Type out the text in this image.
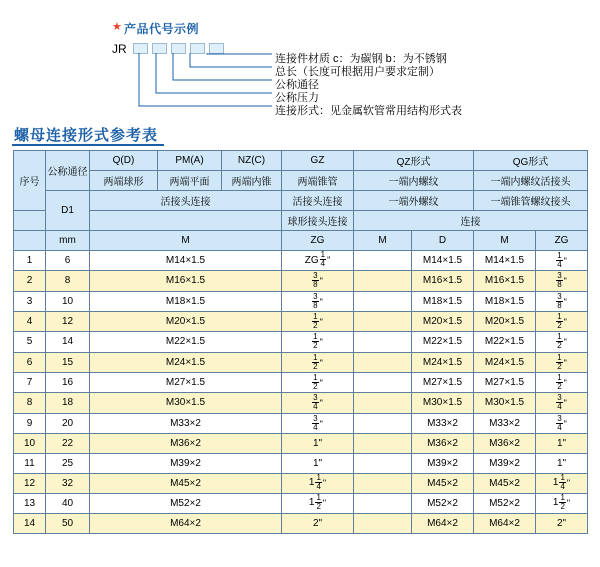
★ 产品代号示例
JR
连接件材质 c：为碳钢 b：为不锈钢
总长（长度可根据用户要求定制）
公称通径
公称压力
连接形式：见金属软管常用结构形式表
螺母连接形式参考表
序号	公称通径	Q(D)	PM(A)	NZ(C)	GZ	QZ形式		QG形式	
		两端球形	两端平面	两端内锥	两端锥管	一端内螺纹		一端内螺纹活接头	
	D1	活接头连接			活接头连接	一端外螺纹		一端锥管螺纹接头	
					球形接头连接	连接			
	mm	M			ZG	M	D	M	ZG
1	6	M14×1.5			ZG $\frac{1}{4}$ "		M14×1.5	M14×1.5	$\frac{1}{4}$ "

2	8	M16×1.5			$\frac{3}{8}$ "		M16×1.5	M16×1.5	$\frac{3}{8}$ "

3	10	M18×1.5			$\frac{3}{8}$ "		M18×1.5	M18×1.5	$\frac{3}{8}$ "

4	12	M20×1.5			$\frac{1}{2}$ "		M20×1.5	M20×1.5	$\frac{1}{2}$ "

5	14	M22×1.5			$\frac{1}{2}$ "		M22×1.5	M22×1.5	$\frac{1}{2}$ "

6	15	M24×1.5			$\frac{1}{2}$ "		M24×1.5	M24×1.5	$\frac{1}{2}$ "

7	16	M27×1.5			$\frac{1}{2}$ "		M27×1.5	M27×1.5	$\frac{1}{2}$ "

8	18	M30×1.5			$\frac{3}{4}$ "		M30×1.5	M30×1.5	$\frac{3}{4}$ "

9	20	M33×2			$\frac{3}{4}$ "		M33×2	M33×2	$\frac{3}{4}$ "

10	22	M36×2			1"		M36×2	M36×2	1"
11	25	M39×2			1"		M39×2	M39×2	1"
12	32	M45×2			$1 \frac{1}{4}$ "		M45×2	M45×2	$1 \frac{1}{4}$ "

13	40	M52×2			$1 \frac{1}{2}$ "		M52×2	M52×2	$1 \frac{1}{2}$ "

14	50	M64×2			2"		M64×2	M64×2	2"
